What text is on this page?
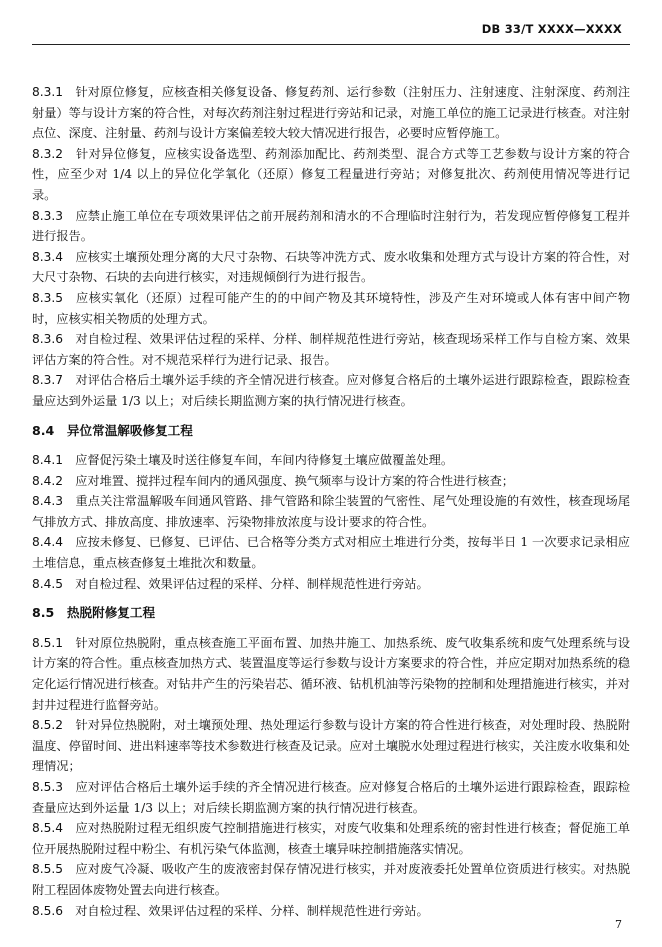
DB 33/T XXXX—XXXX

8.3.1　 针对原位修复，应核查相关修复设备、修复药剂、运行参数（注射压力、注射速度、注射深度、药剂注射量）等与设计方案的符合性，对每次药剂注射过程进行旁站和记录，对施工单位的施工记录进行核查。对注射点位、深度、注射量、药剂与设计方案偏差较大较大情况进行报告，必要时应暂停施工。

8.3.2　 针对异位修复，应核实设备选型、药剂添加配比、药剂类型、混合方式等工艺参数与设计方案的符合性，应至少对 1/4 以上的异位化学氧化（还原）修复工程量进行旁站；对修复批次、药剂使用情况等进行记录。

8.3.3　 应禁止施工单位在专项效果评估之前开展药剂和清水的不合理临时注射行为，若发现应暂停修复工程并进行报告。

8.3.4　 应核实土壤预处理分离的大尺寸杂物、石块等冲洗方式、废水收集和处理方式与设计方案的符合性，对大尺寸杂物、石块的去向进行核实，对违规倾倒行为进行报告。

8.3.5　 应核实氧化（还原）过程可能产生的的中间产物及其环境特性，涉及产生对环境或人体有害中间产物时，应核实相关物质的处理方式。

8.3.6　 对自检过程、效果评估过程的采样、分样、制样规范性进行旁站，核查现场采样工作与自检方案、效果评估方案的符合性。对不规范采样行为进行记录、报告。

8.3.7　 对评估合格后土壤外运手续的齐全情况进行核查。应对修复合格后的土壤外运进行跟踪检查，跟踪检查量应达到外运量 1/3 以上；对后续长期监测方案的执行情况进行核查。

8.4　 异位常温解吸修复工程

8.4.1　 应督促污染土壤及时送往修复车间，车间内待修复土壤应做覆盖处理。

8.4.2　 应对堆置、搅拌过程车间内的通风强度、换气频率与设计方案的符合性进行核查；

8.4.3　 重点关注常温解吸车间通风管路、排气管路和除尘装置的气密性、尾气处理设施的有效性，核查现场尾气排放方式、排放高度、排放速率、污染物排放浓度与设计要求的符合性。

8.4.4　 应按未修复、已修复、已评估、已合格等分类方式对相应土堆进行分类，按每半日 1 一次要求记录相应土堆信息，重点核查修复土堆批次和数量。

8.4.5　 对自检过程、效果评估过程的采样、分样、制样规范性进行旁站。

8.5　 热脱附修复工程

8.5.1　 针对原位热脱附，重点核查施工平面布置、加热井施工、加热系统、废气收集系统和废气处理系统与设计方案的符合性。重点核查加热方式、装置温度等运行参数与设计方案要求的符合性，并应定期对加热系统的稳定化运行情况进行核查。对钻井产生的污染岩芯、循环液、钻机机油等污染物的控制和处理措施进行核实，并对封井过程进行监督旁站。

8.5.2　 针对异位热脱附，对土壤预处理、热处理运行参数与设计方案的符合性进行核查，对处理时段、热脱附温度、停留时间、进出料速率等技术参数进行核查及记录。应对土壤脱水处理过程进行核实，关注废水收集和处理情况；

8.5.3　 应对评估合格后土壤外运手续的齐全情况进行核查。应对修复合格后的土壤外运进行跟踪检查，跟踪检查量应达到外运量 1/3 以上；对后续长期监测方案的执行情况进行核查。

8.5.4　 应对热脱附过程无组织废气控制措施进行核实，对废气收集和处理系统的密封性进行核查；督促施工单位开展热脱附过程中粉尘、有机污染气体监测，核查土壤异味控制措施落实情况。

8.5.5　 应对废气冷凝、吸收产生的废液密封保存情况进行核实，并对废液委托处置单位资质进行核实。对热脱附工程固体废物处置去向进行核查。

8.5.6　 对自检过程、效果评估过程的采样、分样、制样规范性进行旁站。

7
